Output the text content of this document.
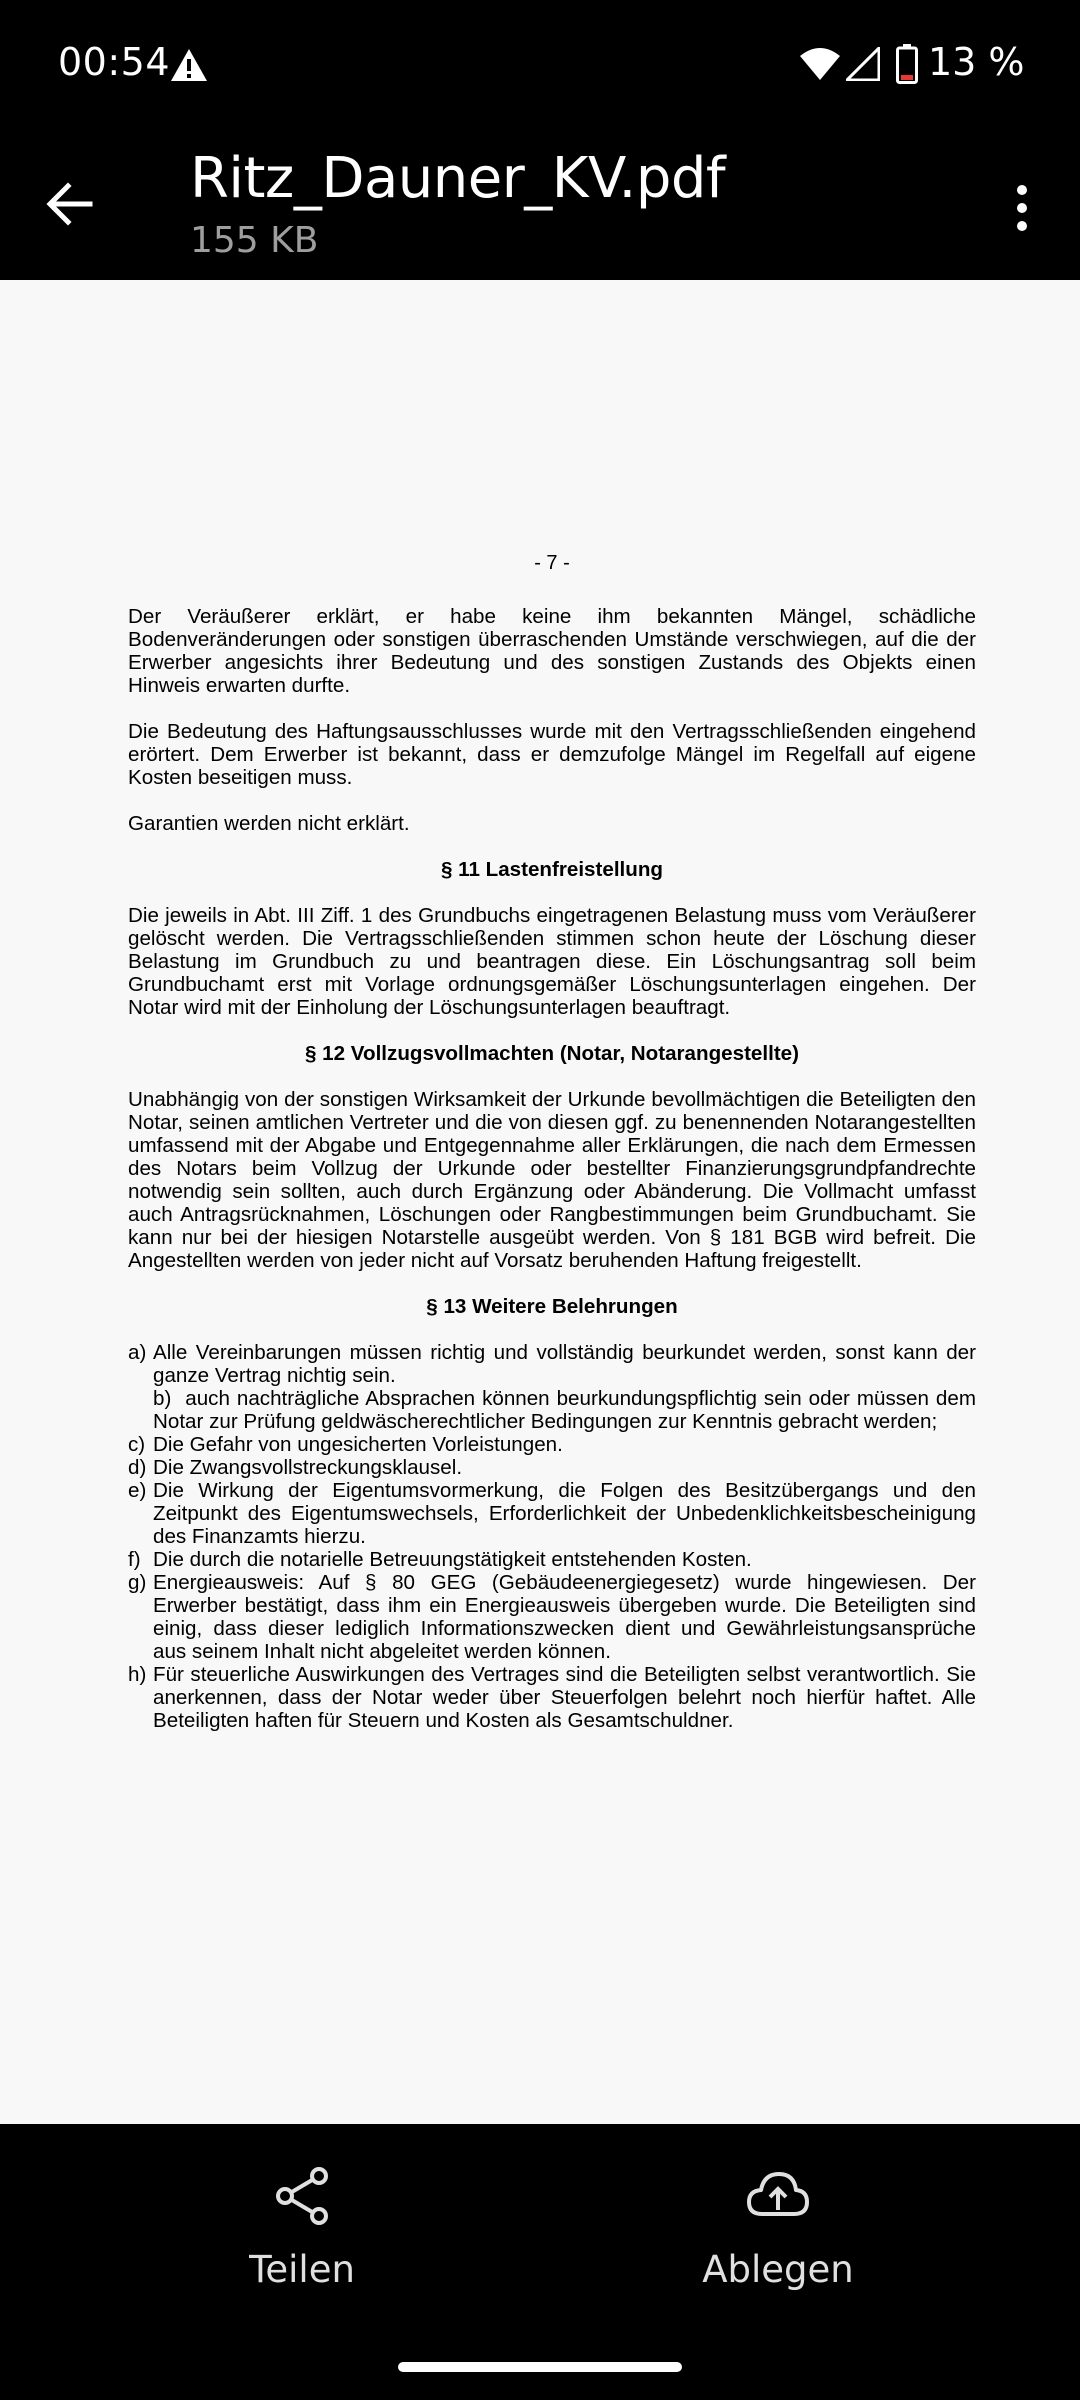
00:54	13 %
Ritz_Dauner_KV.pdf
155 KB
- 7 -

Der Veräußerer erklärt, er habe keine ihm bekannten Mängel, schädliche Bodenveränderungen oder sonstigen überraschenden Umstände verschwiegen, auf die der Erwerber angesichts ihrer Bedeutung und des sonstigen Zustands des Objekts einen Hinweis erwarten durfte.

Die Bedeutung des Haftungsausschlusses wurde mit den Vertragsschließenden eingehend erörtert. Dem Erwerber ist bekannt, dass er demzufolge Mängel im Regelfall auf eigene Kosten beseitigen muss.

Garantien werden nicht erklärt.

§ 11 Lastenfreistellung

Die jeweils in Abt. III Ziff. 1 des Grundbuchs eingetragenen Belastung muss vom Veräußerer gelöscht werden. Die Vertragsschließenden stimmen schon heute der Löschung dieser Belastung im Grundbuch zu und beantragen diese. Ein Löschungsantrag soll beim Grundbuchamt erst mit Vorlage ordnungsgemäßer Löschungsunterlagen eingehen. Der Notar wird mit der Einholung der Löschungsunterlagen beauftragt.

§ 12 Vollzugsvollmachten (Notar, Notarangestellte)

Unabhängig von der sonstigen Wirksamkeit der Urkunde bevollmächtigen die Beteiligten den Notar, seinen amtlichen Vertreter und die von diesen ggf. zu benennenden Notarangestellten umfassend mit der Abgabe und Entgegennahme aller Erklärungen, die nach dem Ermessen des Notars beim Vollzug der Urkunde oder bestellter Finanzierungsgrundpfandrechte notwendig sein sollten, auch durch Ergänzung oder Abänderung. Die Vollmacht umfasst auch Antragsrücknahmen, Löschungen oder Rangbestimmungen beim Grundbuchamt. Sie kann nur bei der hiesigen Notarstelle ausgeübt werden. Von § 181 BGB wird befreit. Die Angestellten werden von jeder nicht auf Vorsatz beruhenden Haftung freigestellt.

§ 13 Weitere Belehrungen
a) Alle Vereinbarungen müssen richtig und vollständig beurkundet werden, sonst kann der ganze Vertrag nichtig sein.
b) auch nachträgliche Absprachen können beurkundungspflichtig sein oder müssen dem Notar zur Prüfung geldwäscherechtlicher Bedingungen zur Kenntnis gebracht werden;
c) Die Gefahr von ungesicherten Vorleistungen.
d) Die Zwangsvollstreckungsklausel.
e) Die Wirkung der Eigentumsvormerkung, die Folgen des Besitzübergangs und den Zeitpunkt des Eigentumswechsels, Erforderlichkeit der Unbedenklichkeitsbescheinigung des Finanzamts hierzu.
f) Die durch die notarielle Betreuungstätigkeit entstehenden Kosten.
g) Energieausweis: Auf § 80 GEG (Gebäudeenergiegesetz) wurde hingewiesen. Der Erwerber bestätigt, dass ihm ein Energieausweis übergeben wurde. Die Beteiligten sind einig, dass dieser lediglich Informationszwecken dient und Gewährleistungsansprüche aus seinem Inhalt nicht abgeleitet werden können.
h) Für steuerliche Auswirkungen des Vertrages sind die Beteiligten selbst verantwortlich. Sie anerkennen, dass der Notar weder über Steuerfolgen belehrt noch hierfür haftet. Alle Beteiligten haften für Steuern und Kosten als Gesamtschuldner.
Teilen	Ablegen
